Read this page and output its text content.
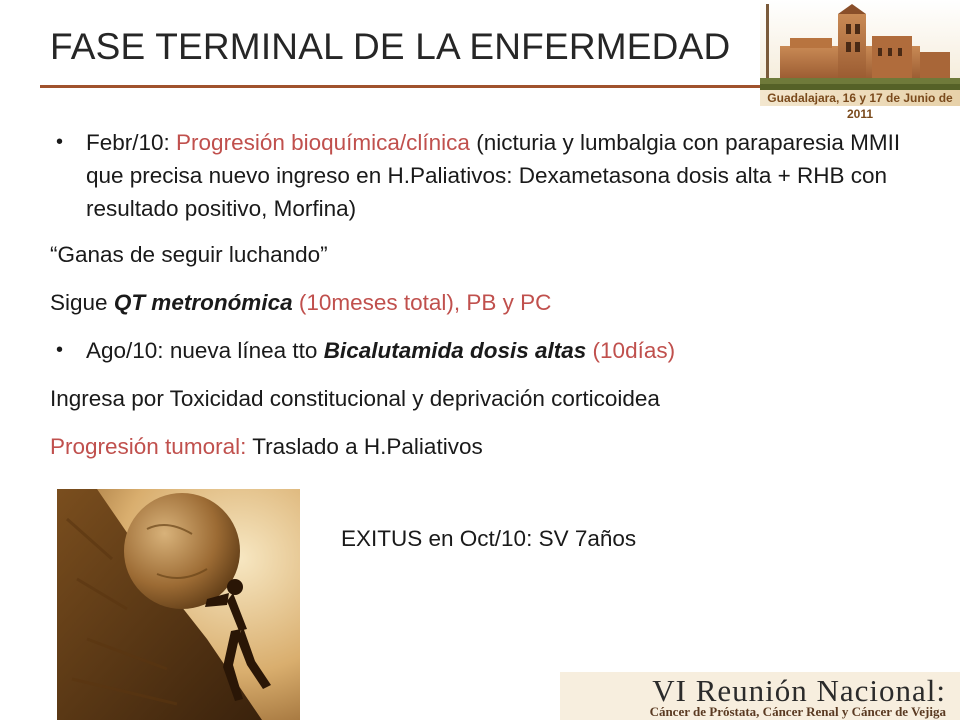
FASE TERMINAL DE LA ENFERMEDAD
Guadalajara, 16 y 17 de Junio de 2011
• Febr/10: Progresión bioquímica/clínica (nicturia y lumbalgia con paraparesia MMII que precisa nuevo ingreso en H.Paliativos: Dexametasona dosis alta + RHB con resultado positivo, Morfina)

“Ganas de seguir luchando”

Sigue QT metronómica (10meses total), PB y PC

• Ago/10: nueva línea tto Bicalutamida dosis altas (10días)

Ingresa por Toxicidad constitucional y deprivación corticoidea

Progresión tumoral: Traslado a H.Paliativos

EXITUS en Oct/10: SV 7años
VI Reunión Nacional:
Cáncer de Próstata, Cáncer Renal y Cáncer de Vejiga
